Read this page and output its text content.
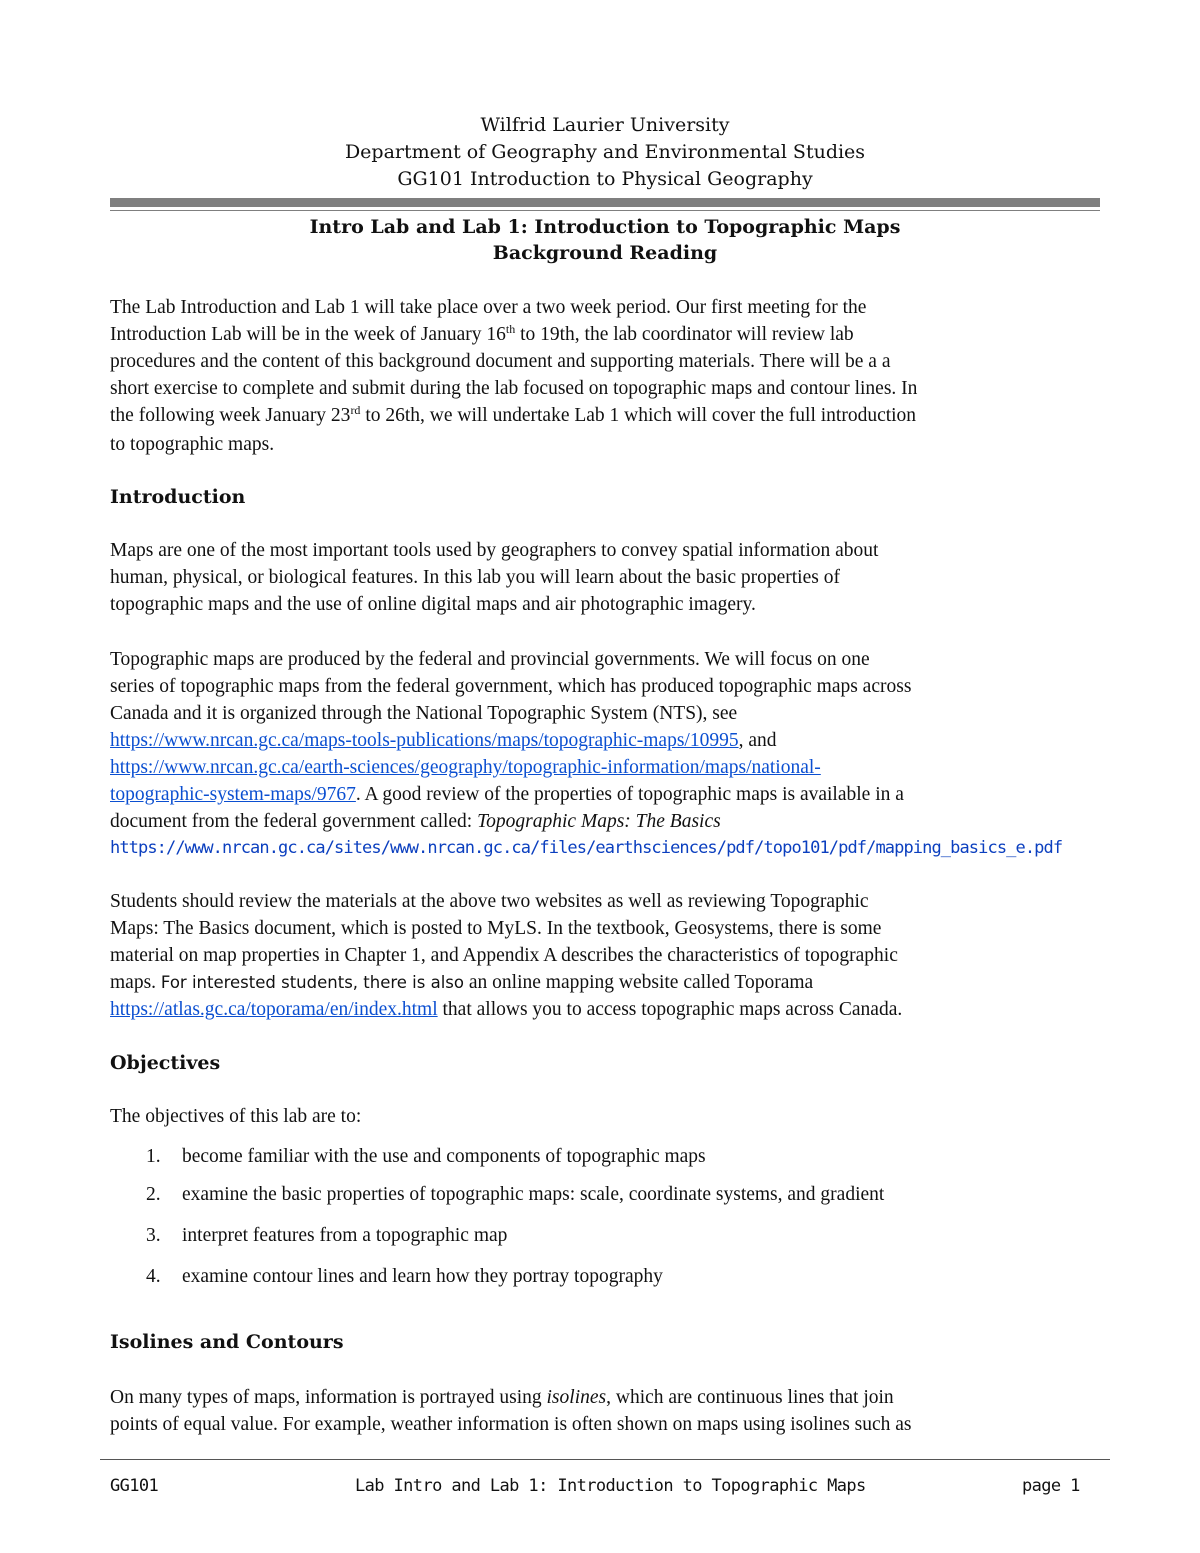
Wilfrid Laurier University
Department of Geography and Environmental Studies
GG101 Introduction to Physical Geography
Intro Lab and Lab 1: Introduction to Topographic Maps
Background Reading
The Lab Introduction and Lab 1 will take place over a two week period. Our first meeting for the
Introduction Lab will be in the week of January 16th to 19th, the lab coordinator will review lab
procedures and the content of this background document and supporting materials. There will be a a
short exercise to complete and submit during the lab focused on topographic maps and contour lines. In
the following week January 23rd to 26th, we will undertake Lab 1 which will cover the full introduction
to topographic maps.
Introduction
Maps are one of the most important tools used by geographers to convey spatial information about
human, physical, or biological features. In this lab you will learn about the basic properties of
topographic maps and the use of online digital maps and air photographic imagery.
Topographic maps are produced by the federal and provincial governments. We will focus on one
series of topographic maps from the federal government, which has produced topographic maps across
Canada and it is organized through the National Topographic System (NTS), see
https://www.nrcan.gc.ca/maps-tools-publications/maps/topographic-maps/10995, and
https://www.nrcan.gc.ca/earth-sciences/geography/topographic-information/maps/national-
topographic-system-maps/9767. A good review of the properties of topographic maps is available in a
document from the federal government called: Topographic Maps: The Basics
https://www.nrcan.gc.ca/sites/www.nrcan.gc.ca/files/earthsciences/pdf/topo101/pdf/mapping_basics_e.pdf
Students should review the materials at the above two websites as well as reviewing Topographic
Maps: The Basics document, which is posted to MyLS. In the textbook, Geosystems, there is some
material on map properties in Chapter 1, and Appendix A describes the characteristics of topographic
maps. For interested students, there is also an online mapping website called Toporama
https://atlas.gc.ca/toporama/en/index.html that allows you to access topographic maps across Canada.
Objectives
The objectives of this lab are to:
1. become familiar with the use and components of topographic maps
2. examine the basic properties of topographic maps: scale, coordinate systems, and gradient
3. interpret features from a topographic map
4. examine contour lines and learn how they portray topography
Isolines and Contours
On many types of maps, information is portrayed using isolines, which are continuous lines that join
points of equal value. For example, weather information is often shown on maps using isolines such as
GG101	Lab Intro and Lab 1: Introduction to Topographic Maps	page 1
